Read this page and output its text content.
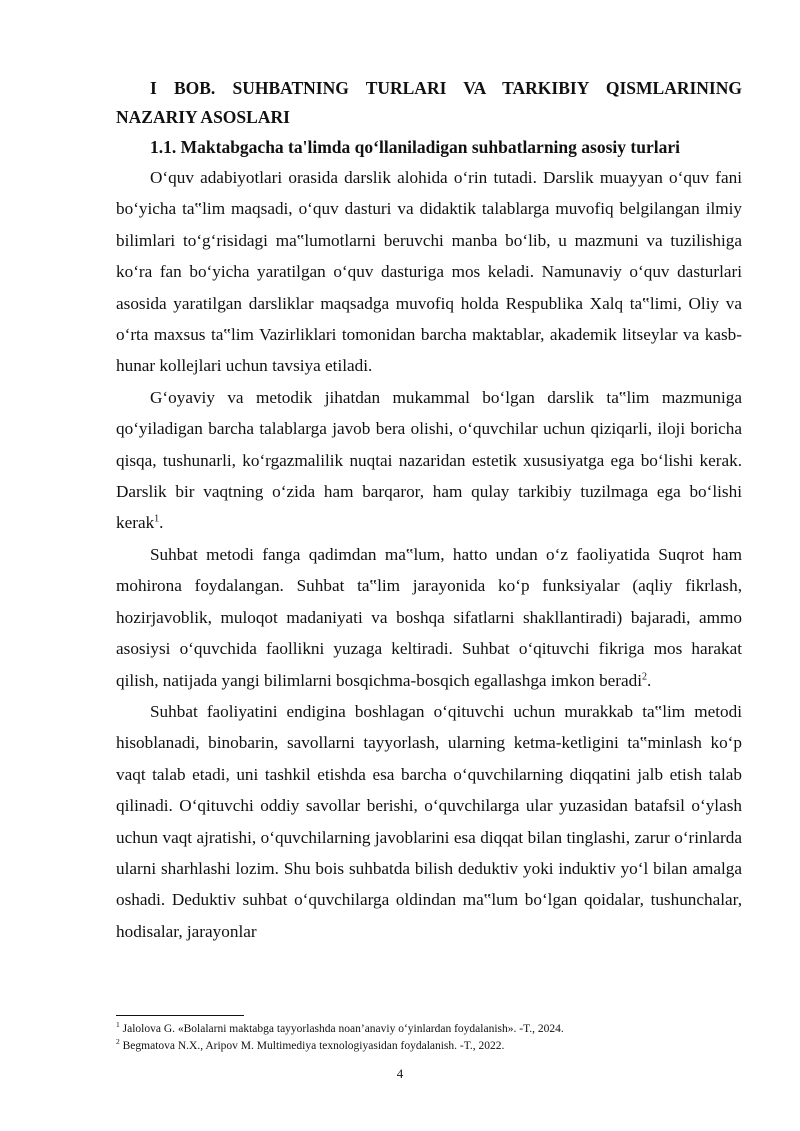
I BOB. SUHBATNING TURLARI VA TARKIBIY QISMLARINING NAZARIY ASOSLARI
1.1. Maktabgacha ta'limda qo‘llaniladigan suhbatlarning asosiy turlari

O‘quv adabiyotlari orasida darslik alohida o‘rin tutadi. Darslik muayyan o‘quv fani bo‘yicha ta‟lim maqsadi, o‘quv dasturi va didaktik talablarga muvofiq belgilangan ilmiy bilimlari to‘g‘risidagi ma‟lumotlarni beruvchi manba bo‘lib, u mazmuni va tuzilishiga ko‘ra fan bo‘yicha yaratilgan o‘quv dasturiga mos keladi. Namunaviy o‘quv dasturlari asosida yaratilgan darsliklar maqsadga muvofiq holda Respublika Xalq ta‟limi, Oliy va o‘rta maxsus ta‟lim Vazirliklari tomonidan barcha maktablar, akademik litseylar va kasb-hunar kollejlari uchun tavsiya etiladi.

G‘oyaviy va metodik jihatdan mukammal bo‘lgan darslik ta‟lim mazmuniga qo‘yiladigan barcha talablarga javob bera olishi, o‘quvchilar uchun qiziqarli, iloji boricha qisqa, tushunarli, ko‘rgazmalilik nuqtai nazaridan estetik xususiyatga ega bo‘lishi kerak. Darslik bir vaqtning o‘zida ham barqaror, ham qulay tarkibiy tuzilmaga ega bo‘lishi kerak$^1$.

Suhbat metodi fanga qadimdan ma‟lum, hatto undan o‘z faoliyatida Suqrot ham mohirona foydalangan. Suhbat ta‟lim jarayonida ko‘p funksiyalar (aqliy fikrlash, hozirjavoblik, muloqot madaniyati va boshqa sifatlarni shakllantiradi) bajaradi, ammo asosiysi o‘quvchida faollikni yuzaga keltiradi. Suhbat o‘qituvchi fikriga mos harakat qilish, natijada yangi bilimlarni bosqichma-bosqich egallashga imkon beradi$^2$.

Suhbat faoliyatini endigina boshlagan o‘qituvchi uchun murakkab ta‟lim metodi hisoblanadi, binobarin, savollarni tayyorlash, ularning ketma-ketligini ta‟minlash ko‘p vaqt talab etadi, uni tashkil etishda esa barcha o‘quvchilarning diqqatini jalb etish talab qilinadi. O‘qituvchi oddiy savollar berishi, o‘quvchilarga ular yuzasidan batafsil o‘ylash uchun vaqt ajratishi, o‘quvchilarning javoblarini esa diqqat bilan tinglashi, zarur o‘rinlarda ularni sharhlashi lozim. Shu bois suhbatda bilish deduktiv yoki induktiv yo‘l bilan amalga oshadi. Deduktiv suhbat o‘quvchilarga oldindan ma‟lum bo‘lgan qoidalar, tushunchalar, hodisalar, jarayonlar

$^1$ Jalolova G. «Bolalarni maktabga tayyorlashda noan’anaviy o‘yinlardan foydalanish». -T., 2024.

$^2$ Begmatova N.X., Aripov M. Multimediya texnologiyasidan foydalanish. -T., 2022.

4
